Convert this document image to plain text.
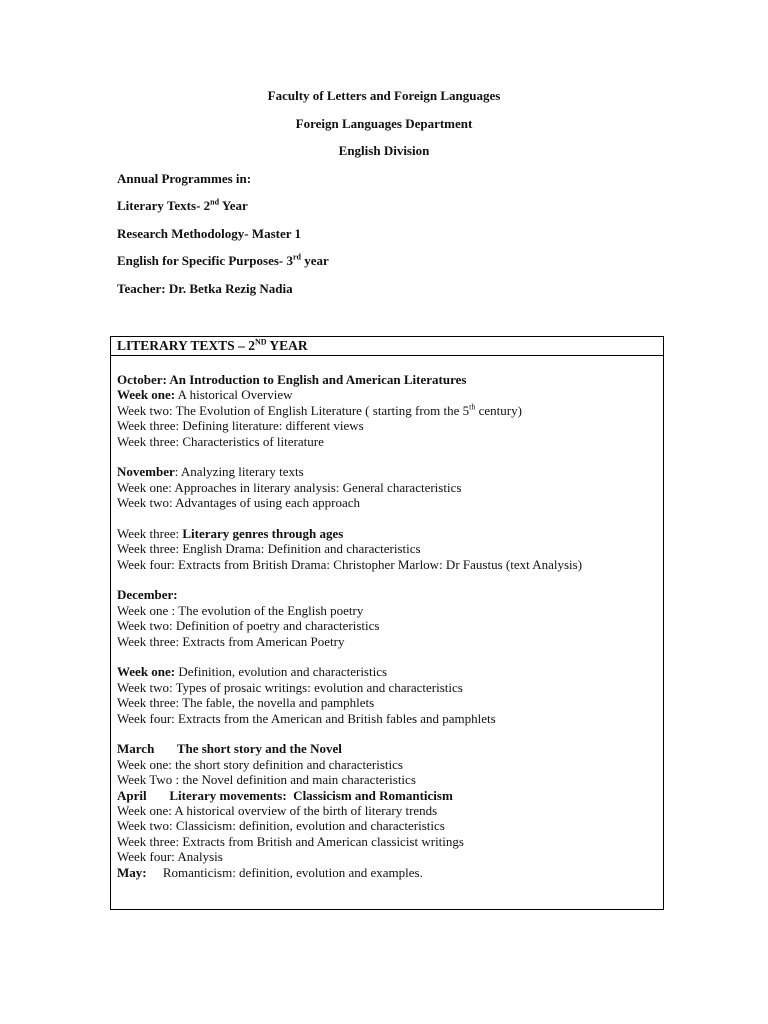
Faculty of Letters and Foreign Languages
Foreign Languages Department
English Division
Annual Programmes in:
Literary Texts- 2nd Year
Research Methodology- Master 1
English for Specific Purposes- 3rd year
Teacher: Dr. Betka Rezig Nadia
LITERARY TEXTS – 2ND YEAR
October: An Introduction to English and American Literatures
Week one: A historical Overview
Week two: The Evolution of English Literature ( starting from the 5th century)
Week three: Defining literature: different views
Week three: Characteristics of literature
November: Analyzing literary texts
Week one: Approaches in literary analysis: General characteristics
Week two: Advantages of using each approach
Week three: Literary genres through ages
Week three: English Drama: Definition and characteristics
Week four: Extracts from British Drama: Christopher Marlow: Dr Faustus (text Analysis)
December:
Week one : The evolution of the English poetry
Week two: Definition of poetry and characteristics
Week three: Extracts from American Poetry
Week one: Definition, evolution and characteristics
Week two: Types of prosaic writings: evolution and characteristics
Week three: The fable, the novella and pamphlets
Week four: Extracts from the American and British fables and pamphlets
March       The short story and the Novel
Week one: the short story definition and characteristics
Week Two : the Novel definition and main characteristics
April       Literary movements:  Classicism and Romanticism
Week one: A historical overview of the birth of literary trends
Week two: Classicism: definition, evolution and characteristics
Week three: Extracts from British and American classicist writings
Week four: Analysis
May:     Romanticism: definition, evolution and examples.
